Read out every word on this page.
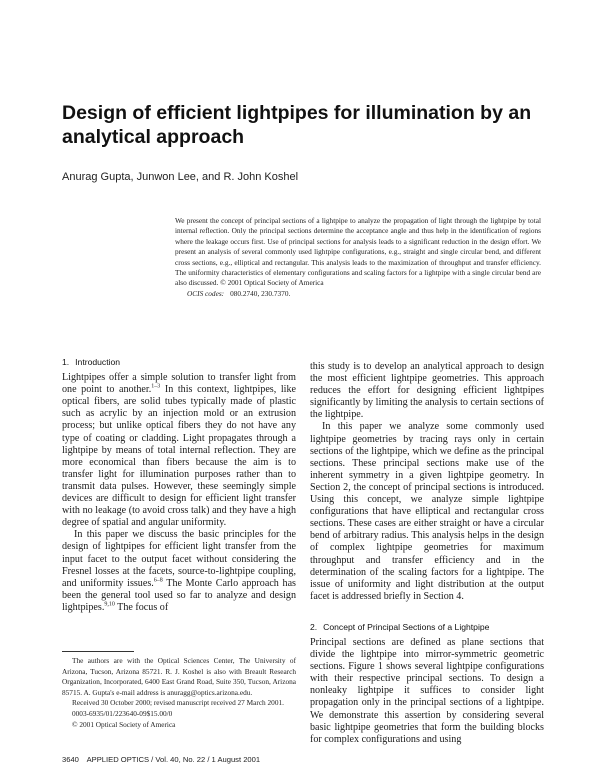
Design of efficient lightpipes for illumination by an analytical approach
Anurag Gupta, Junwon Lee, and R. John Koshel

We present the concept of principal sections of a lightpipe to analyze the propagation of light through the lightpipe by total internal reflection. Only the principal sections determine the acceptance angle and thus help in the identification of regions where the leakage occurs first. Use of principal sections for analysis leads to a significant reduction in the design effort. We present an analysis of several commonly used lightpipe configurations, e.g., straight and single circular bend, and different cross sections, e.g., elliptical and rectangular. This analysis leads to the maximization of throughput and transfer efficiency. The uniformity characteristics of elementary configurations and scaling factors for a lightpipe with a single circular bend are also discussed. © 2001 Optical Society of America
OCIS codes: 080.2740, 230.7370.

1. Introduction

Lightpipes offer a simple solution to transfer light from one point to another.$^{1-3}$ In this context, lightpipes, like optical fibers, are solid tubes typically made of plastic such as acrylic by an injection mold or an extrusion process; but unlike optical fibers they do not have any type of coating or cladding. Light propagates through a lightpipe by means of total internal reflection. They are more economical than fibers because the aim is to transfer light for illumination purposes rather than to transmit data pulses. However, these seemingly simple devices are difficult to design for efficient light transfer with no leakage (to avoid cross talk) and they have a high degree of spatial and angular uniformity.

In this paper we discuss the basic principles for the design of lightpipes for efficient light transfer from the input facet to the output facet without considering the Fresnel losses at the facets, source-to-lightpipe coupling, and uniformity issues.$^{6-8}$ The Monte Carlo approach has been the general tool used so far to analyze and design lightpipes.$^{9,10}$ The focus of

this study is to develop an analytical approach to design the most efficient lightpipe geometries. This approach reduces the effort for designing efficient lightpipes significantly by limiting the analysis to certain sections of the lightpipe.

In this paper we analyze some commonly used lightpipe geometries by tracing rays only in certain sections of the lightpipe, which we define as the principal sections. These principal sections make use of the inherent symmetry in a given lightpipe geometry. In Section 2, the concept of principal sections is introduced. Using this concept, we analyze simple lightpipe configurations that have elliptical and rectangular cross sections. These cases are either straight or have a circular bend of arbitrary radius. This analysis helps in the design of complex lightpipe geometries for maximum throughput and transfer efficiency and in the determination of the scaling factors for a lightpipe. The issue of uniformity and light distribution at the output facet is addressed briefly in Section 4.

2. Concept of Principal Sections of a Lightpipe

Principal sections are defined as plane sections that divide the lightpipe into mirror-symmetric geometric sections. Figure 1 shows several lightpipe configurations with their respective principal sections. To design a nonleaky lightpipe it suffices to consider light propagation only in the principal sections of a lightpipe. We demonstrate this assertion by considering several basic lightpipe geometries that form the building blocks for complex configurations and using

The authors are with the Optical Sciences Center, The University of Arizona, Tucson, Arizona 85721. R. J. Koshel is also with Breault Research Organization, Incorporated, 6400 East Grand Road, Suite 350, Tucson, Arizona 85715. A. Gupta's e-mail address is anuragg@optics.arizona.edu.

Received 30 October 2000; revised manuscript received 27 March 2001.

0003-6935/01/223640-09$15.00/0

© 2001 Optical Society of America

3640 APPLIED OPTICS / Vol. 40, No. 22 / 1 August 2001
